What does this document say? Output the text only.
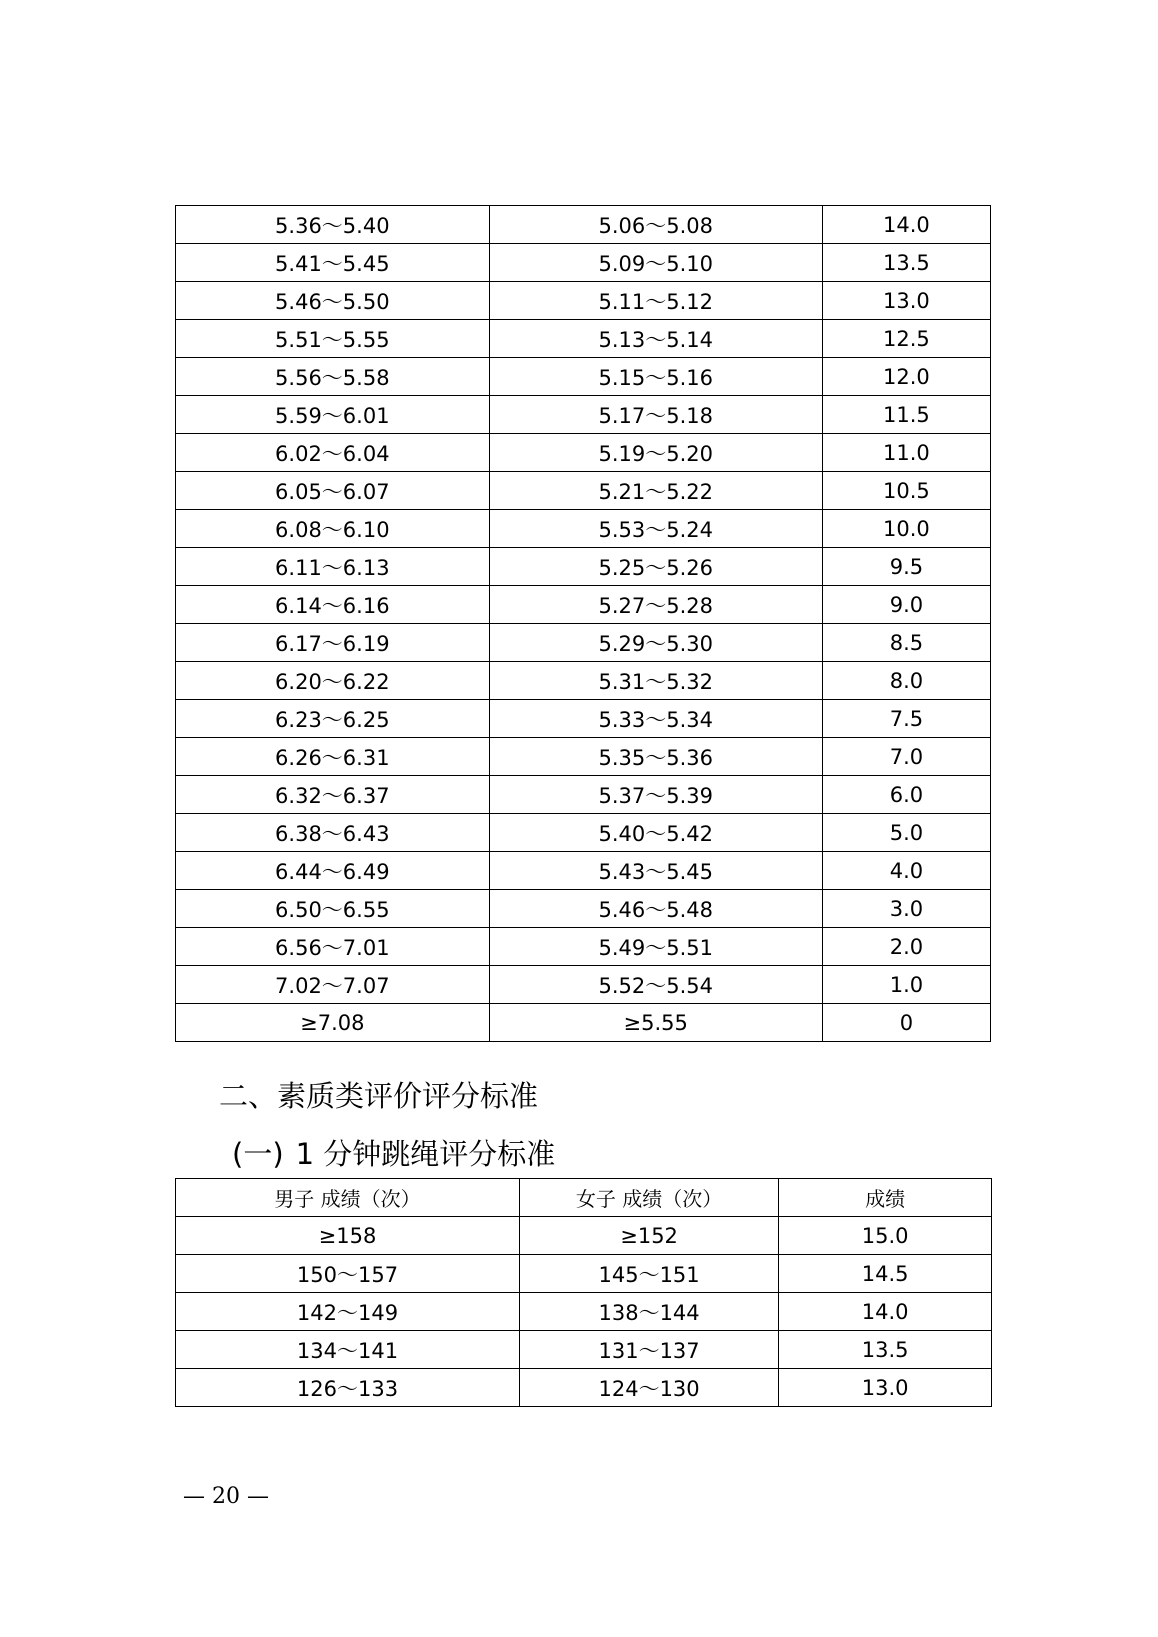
5.36～5.40	5.06～5.08	14.0
5.41～5.45	5.09～5.10	13.5
5.46～5.50	5.11～5.12	13.0
5.51～5.55	5.13～5.14	12.5
5.56～5.58	5.15～5.16	12.0
5.59～6.01	5.17～5.18	11.5
6.02～6.04	5.19～5.20	11.0
6.05～6.07	5.21～5.22	10.5
6.08～6.10	5.53～5.24	10.0
6.11～6.13	5.25～5.26	9.5
6.14～6.16	5.27～5.28	9.0
6.17～6.19	5.29～5.30	8.5
6.20～6.22	5.31～5.32	8.0
6.23～6.25	5.33～5.34	7.5
6.26～6.31	5.35～5.36	7.0
6.32～6.37	5.37～5.39	6.0
6.38～6.43	5.40～5.42	5.0
6.44～6.49	5.43～5.45	4.0
6.50～6.55	5.46～5.48	3.0
6.56～7.01	5.49～5.51	2.0
7.02～7.07	5.52～5.54	1.0
≥7.08	≥5.55	0
二、素质类评价评分标准
(一) 1 分钟跳绳评分标准
男子 成绩（次）	女子 成绩（次）	成绩
≥158	≥152	15.0
150～157	145～151	14.5
142～149	138～144	14.0
134～141	131～137	13.5
126～133	124～130	13.0
— 20 —
